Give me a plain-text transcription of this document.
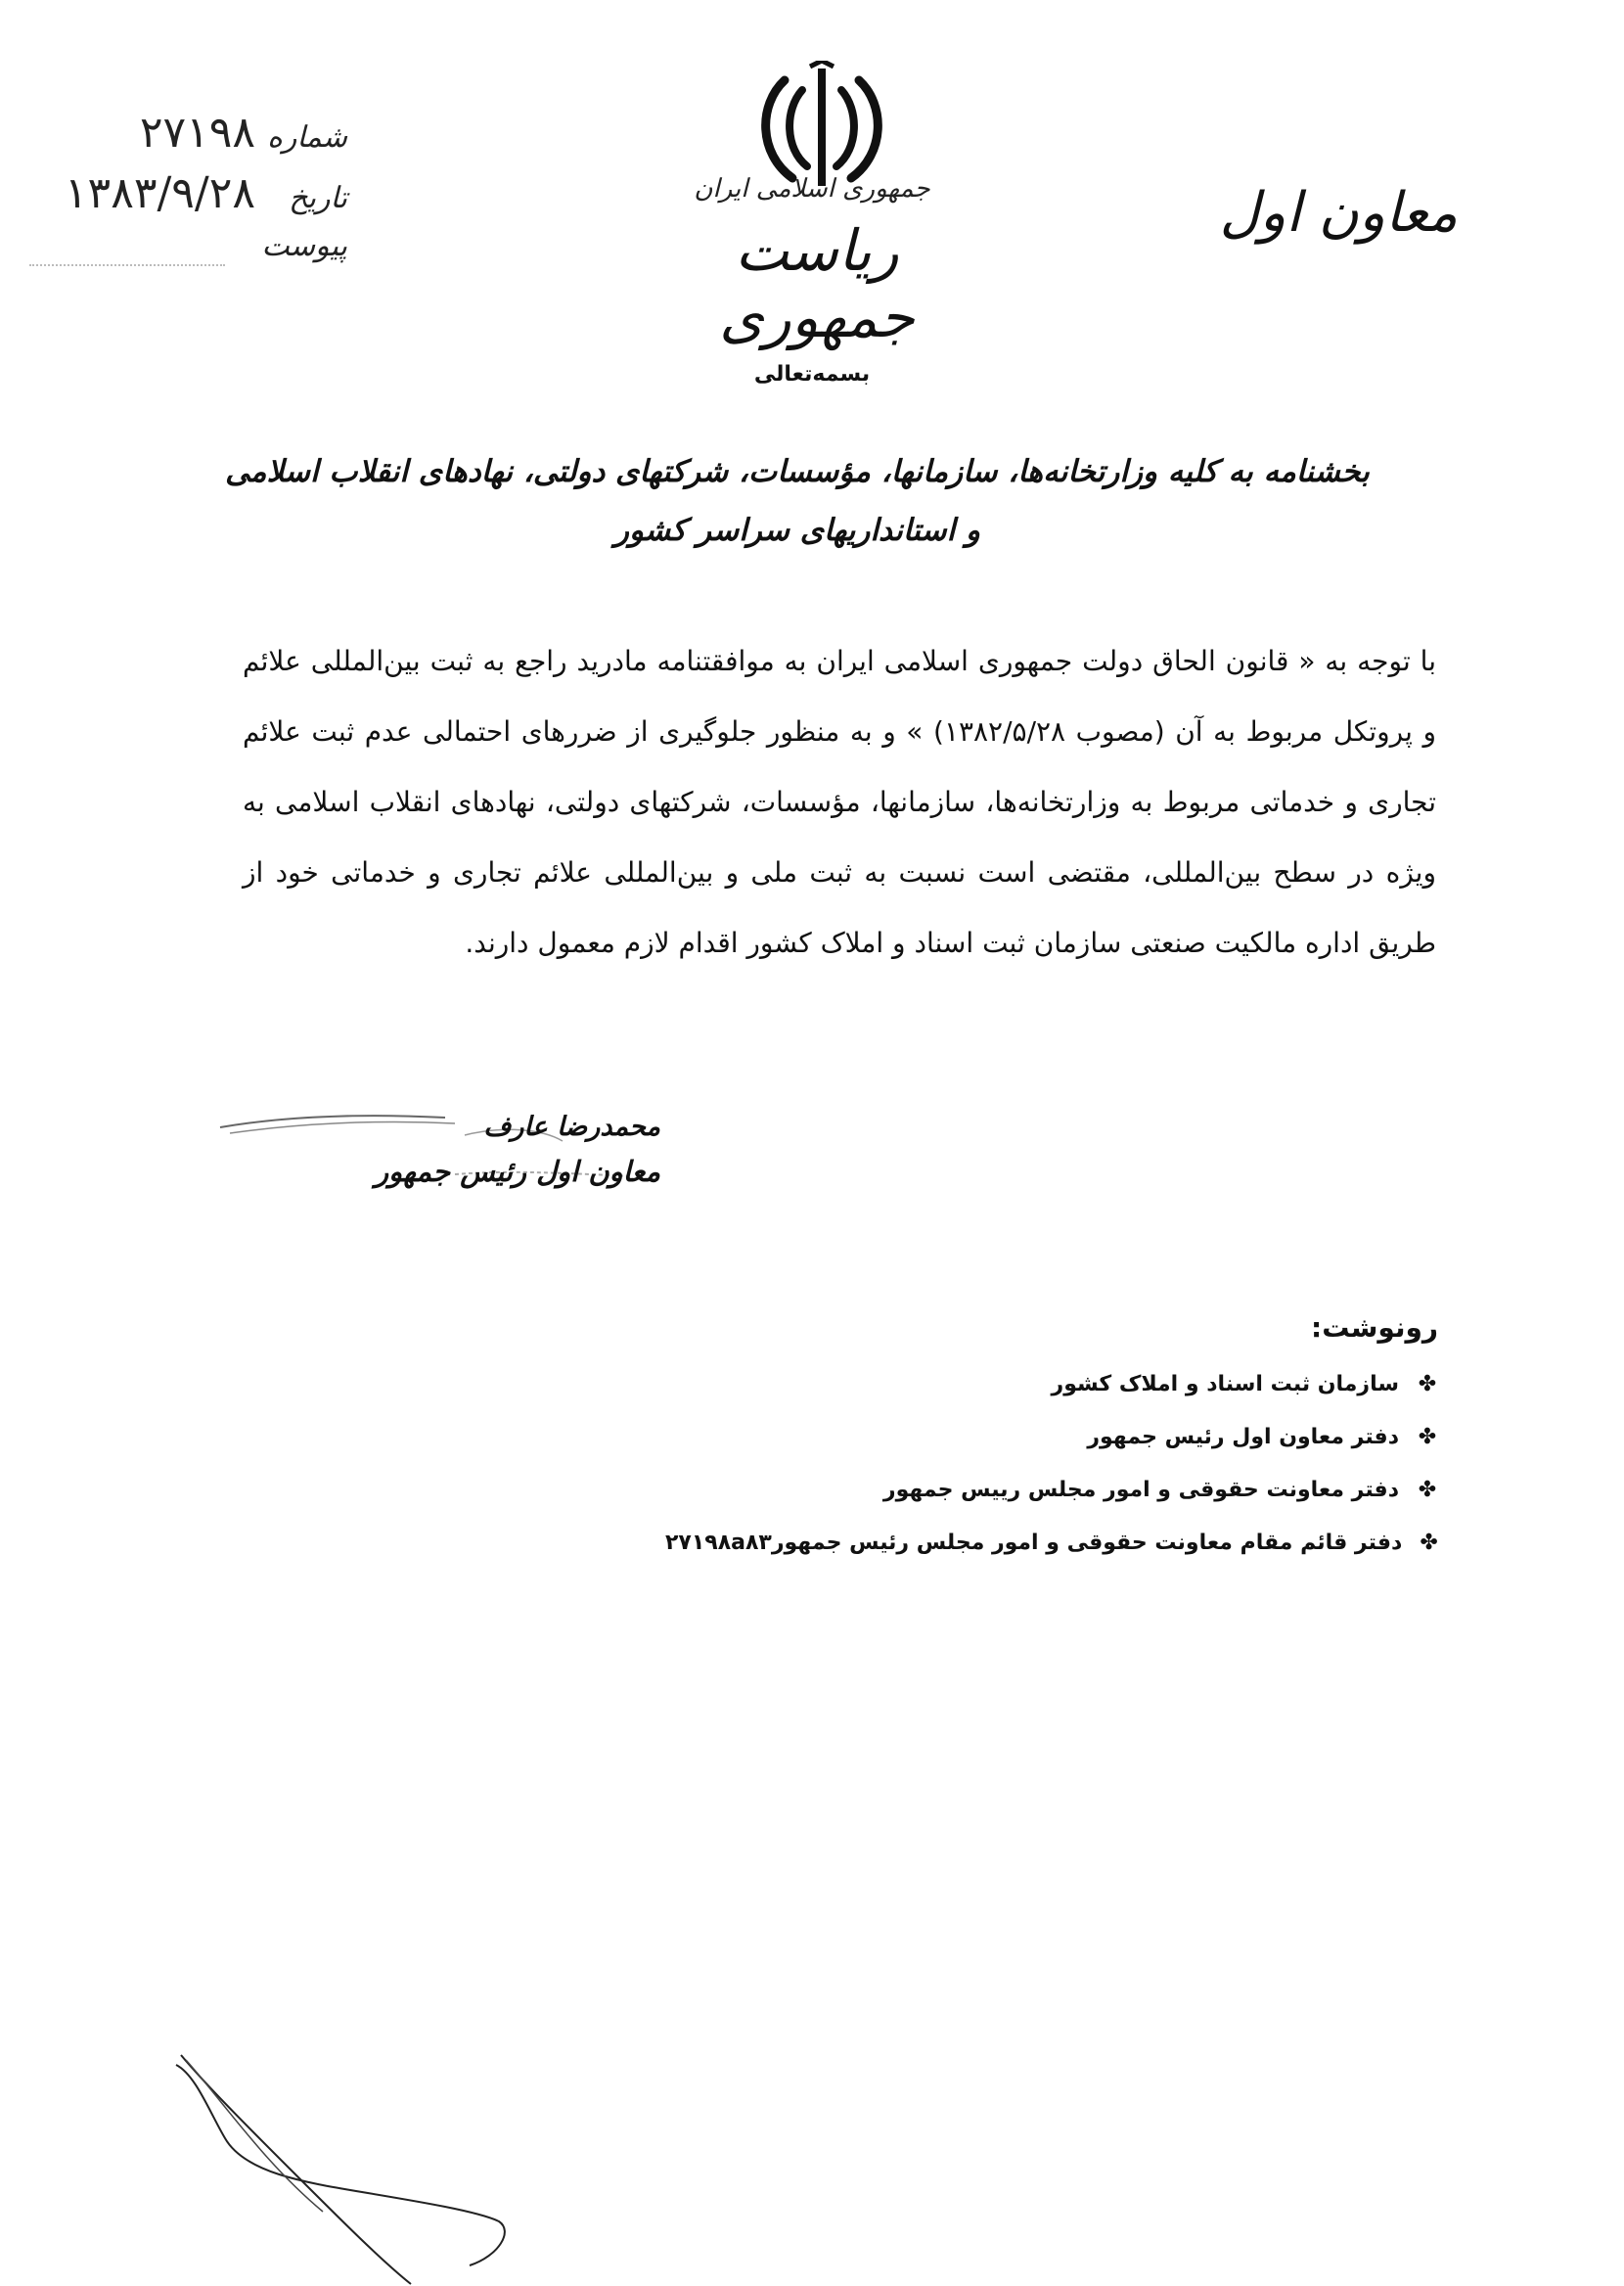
شماره
۲۷۱۹۸
تاریخ
۱۳۸۳/۹/۲۸
پیوست
جمهوری اسلامی ایران
ریاست جمهوری
معاون اول
بسمه‌تعالی
بخشنامه به کلیه وزارتخانه‌ها، سازمانها، مؤسسات، شرکتهای دولتی، نهادهای انقلاب اسلامی و استانداریهای سراسر کشور
با توجه به « قانون الحاق دولت جمهوری اسلامی ایران به موافقتنامه مادرید راجع به ثبت بین‌المللی علائم و پروتکل مربوط به آن (مصوب ۱۳۸۲/۵/۲۸) » و به منظور جلوگیری از ضررهای احتمالی عدم ثبت علائم تجاری و خدماتی مربوط به وزارتخانه‌ها، سازمانها، مؤسسات، شرکتهای دولتی، نهادهای انقلاب اسلامی به ویژه در سطح بین‌المللی، مقتضی است نسبت به ثبت ملی و بین‌المللی علائم تجاری و خدماتی خود از طریق اداره مالکیت صنعتی سازمان ثبت اسناد و املاک کشور اقدام لازم معمول دارند.
محمدرضا عارف
معاون اول رئیس جمهور
رونوشت:
✤
سازمان ثبت اسناد و املاک کشور
✤
دفتر معاون اول رئیس جمهور
✤
دفتر معاونت حقوقی و امور مجلس رییس جمهور
✤
دفتر قائم مقام معاونت حقوقی و امور مجلس رئیس جمهور۲۷۱۹۸a۸۳
